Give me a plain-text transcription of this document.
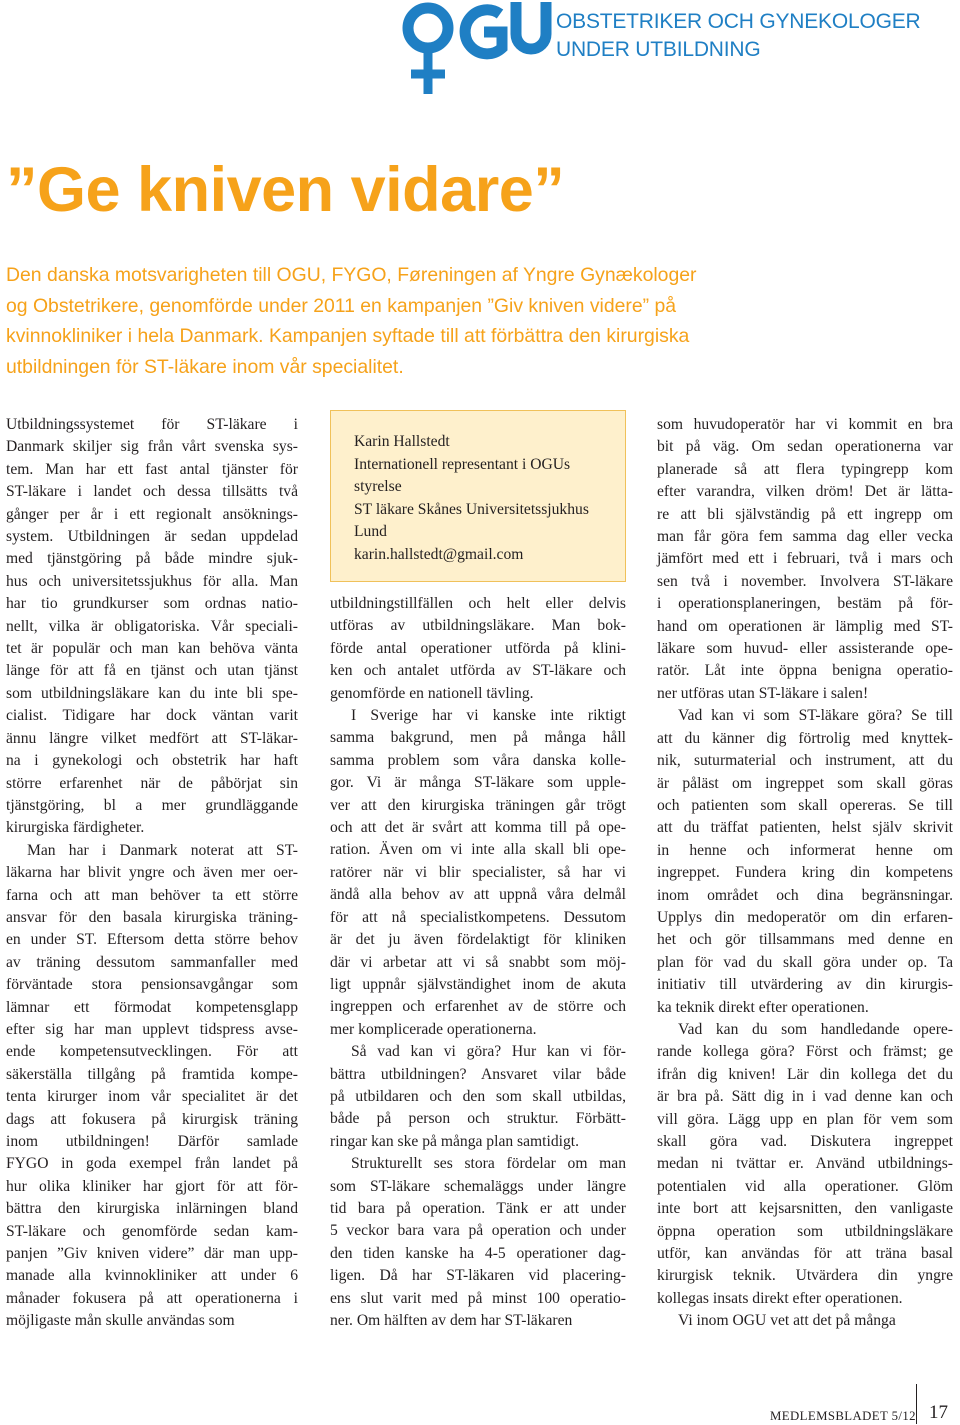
OBSTETRIKER OCH GYNEKOLOGER
UNDER UTBILDNING
”Ge kniven vidare”
Den danska motsvarigheten till OGU, FYGO, Føreningen af Yngre Gynækologer
og Obstetrikere, genomförde under 2011 en kampanjen ”Giv kniven videre” på
kvinnokliniker i hela Danmark. Kampanjen syftade till att förbättra den kirurgiska
utbildningen för ST-läkare inom vår specialitet.

Utbildningssystemet för ST-läkare i
Danmark skiljer sig från vårt svenska sys-
tem. Man har ett fast antal tjänster för
ST-läkare i landet och dessa tillsätts två
gånger per år i ett regionalt ansöknings-
system. Utbildningen är sedan uppdelad
med tjänstgöring på både mindre sjuk-
hus och universitetssjukhus för alla. Man
har tio grundkurser som ordnas natio-
nellt, vilka är obligatoriska. Vår speciali-
tet är populär och man kan behöva vänta
länge för att få en tjänst och utan tjänst
som utbildningsläkare kan du inte bli spe-
cialist. Tidigare har dock väntan varit
ännu längre vilket medfört att ST-läkar-
na i gynekologi och obstetrik har haft
större erfarenhet när de påbörjat sin
tjänstgöring, bl a mer grundläggande
kirurgiska färdigheter.

Man har i Danmark noterat att ST-
läkarna har blivit yngre och även mer oer-
farna och att man behöver ta ett större
ansvar för den basala kirurgiska träning-
en under ST. Eftersom detta större behov
av träning dessutom sammanfaller med
förväntade stora pensionsavgångar som
lämnar ett förmodat kompetensglapp
efter sig har man upplevt tidspress avse-
ende kompetensutvecklingen. För att
säkerställa tillgång på framtida kompe-
tenta kirurger inom vår specialitet är det
dags att fokusera på kirurgisk träning
inom utbildningen! Därför samlade
FYGO in goda exempel från landet på
hur olika kliniker har gjort för att för-
bättra den kirurgiska inlärningen bland
ST-läkare och genomförde sedan kam-
panjen ”Giv kniven videre” där man upp-
manade alla kvinnokliniker att under 6
månader fokusera på att operationerna i
möjligaste mån skulle användas som

Karin Hallstedt
Internationell representant i OGUs
styrelse
ST läkare Skånes Universitetssjukhus
Lund
karin.hallstedt@gmail.com

utbildningstillfällen och helt eller delvis
utföras av utbildningsläkare. Man bok-
förde antal operationer utförda på klini-
ken och antalet utförda av ST-läkare och
genomförde en nationell tävling.

I Sverige har vi kanske inte riktigt
samma bakgrund, men på många håll
samma problem som våra danska kolle-
gor. Vi är många ST-läkare som upple-
ver att den kirurgiska träningen går trögt
och att det är svårt att komma till på ope-
ration. Även om vi inte alla skall bli ope-
ratörer när vi blir specialister, så har vi
ändå alla behov av att uppnå våra delmål
för att nå specialistkompetens. Dessutom
är det ju även fördelaktigt för kliniken
där vi arbetar att vi så snabbt som möj-
ligt uppnår självständighet inom de akuta
ingreppen och erfarenhet av de större och
mer komplicerade operationerna.

Så vad kan vi göra? Hur kan vi för-
bättra utbildningen? Ansvaret vilar både
på utbildaren och den som skall utbildas,
både på person och struktur. Förbätt-
ringar kan ske på många plan samtidigt.

Strukturellt ses stora fördelar om man
som ST-läkare schemaläggs under längre
tid bara på operation. Tänk er att under
5 veckor bara vara på operation och under
den tiden kanske ha 4-5 operationer dag-
ligen. Då har ST-läkaren vid placering-
ens slut varit med på minst 100 operatio-
ner. Om hälften av dem har ST-läkaren

som huvudoperatör har vi kommit en bra
bit på väg. Om sedan operationerna var
planerade så att flera typingrepp kom
efter varandra, vilken dröm! Det är lätta-
re att bli självständig på ett ingrepp om
man får göra fem samma dag eller vecka
jämfört med ett i februari, två i mars och
sen två i november. Involvera ST-läkare
i operationsplaneringen, bestäm på för-
hand om operationen är lämplig med ST-
läkare som huvud- eller assisterande ope-
ratör. Låt inte öppna benigna operatio-
ner utföras utan ST-läkare i salen!

Vad kan vi som ST-läkare göra? Se till
att du känner dig förtrolig med knyttek-
nik, suturmaterial och instrument, att du
är påläst om ingreppet som skall göras
och patienten som skall opereras. Se till
att du träffat patienten, helst själv skrivit
in henne och informerat henne om
ingreppet. Fundera kring din kompetens
inom området och dina begränsningar.
Upplys din medoperatör om din erfaren-
het och gör tillsammans med denne en
plan för vad du skall göra under op. Ta
initiativ till utvärdering av din kirurgis-
ka teknik direkt efter operationen.

Vad kan du som handledande opere-
rande kollega göra? Först och främst; ge
ifrån dig kniven! Lär din kollega det du
är bra på. Sätt dig in i vad denne kan och
vill göra. Lägg upp en plan för vem som
skall göra vad. Diskutera ingreppet
medan ni tvättar er. Använd utbildnings-
potentialen vid alla operationer. Glöm
inte bort att kejsarsnitten, den vanligaste
öppna operation som utbildningsläkare
utför, kan användas för att träna basal
kirurgisk teknik. Utvärdera din yngre
kollegas insats direkt efter operationen.

Vi inom OGU vet att det på många

MEDLEMSBLADET 5/12 17
